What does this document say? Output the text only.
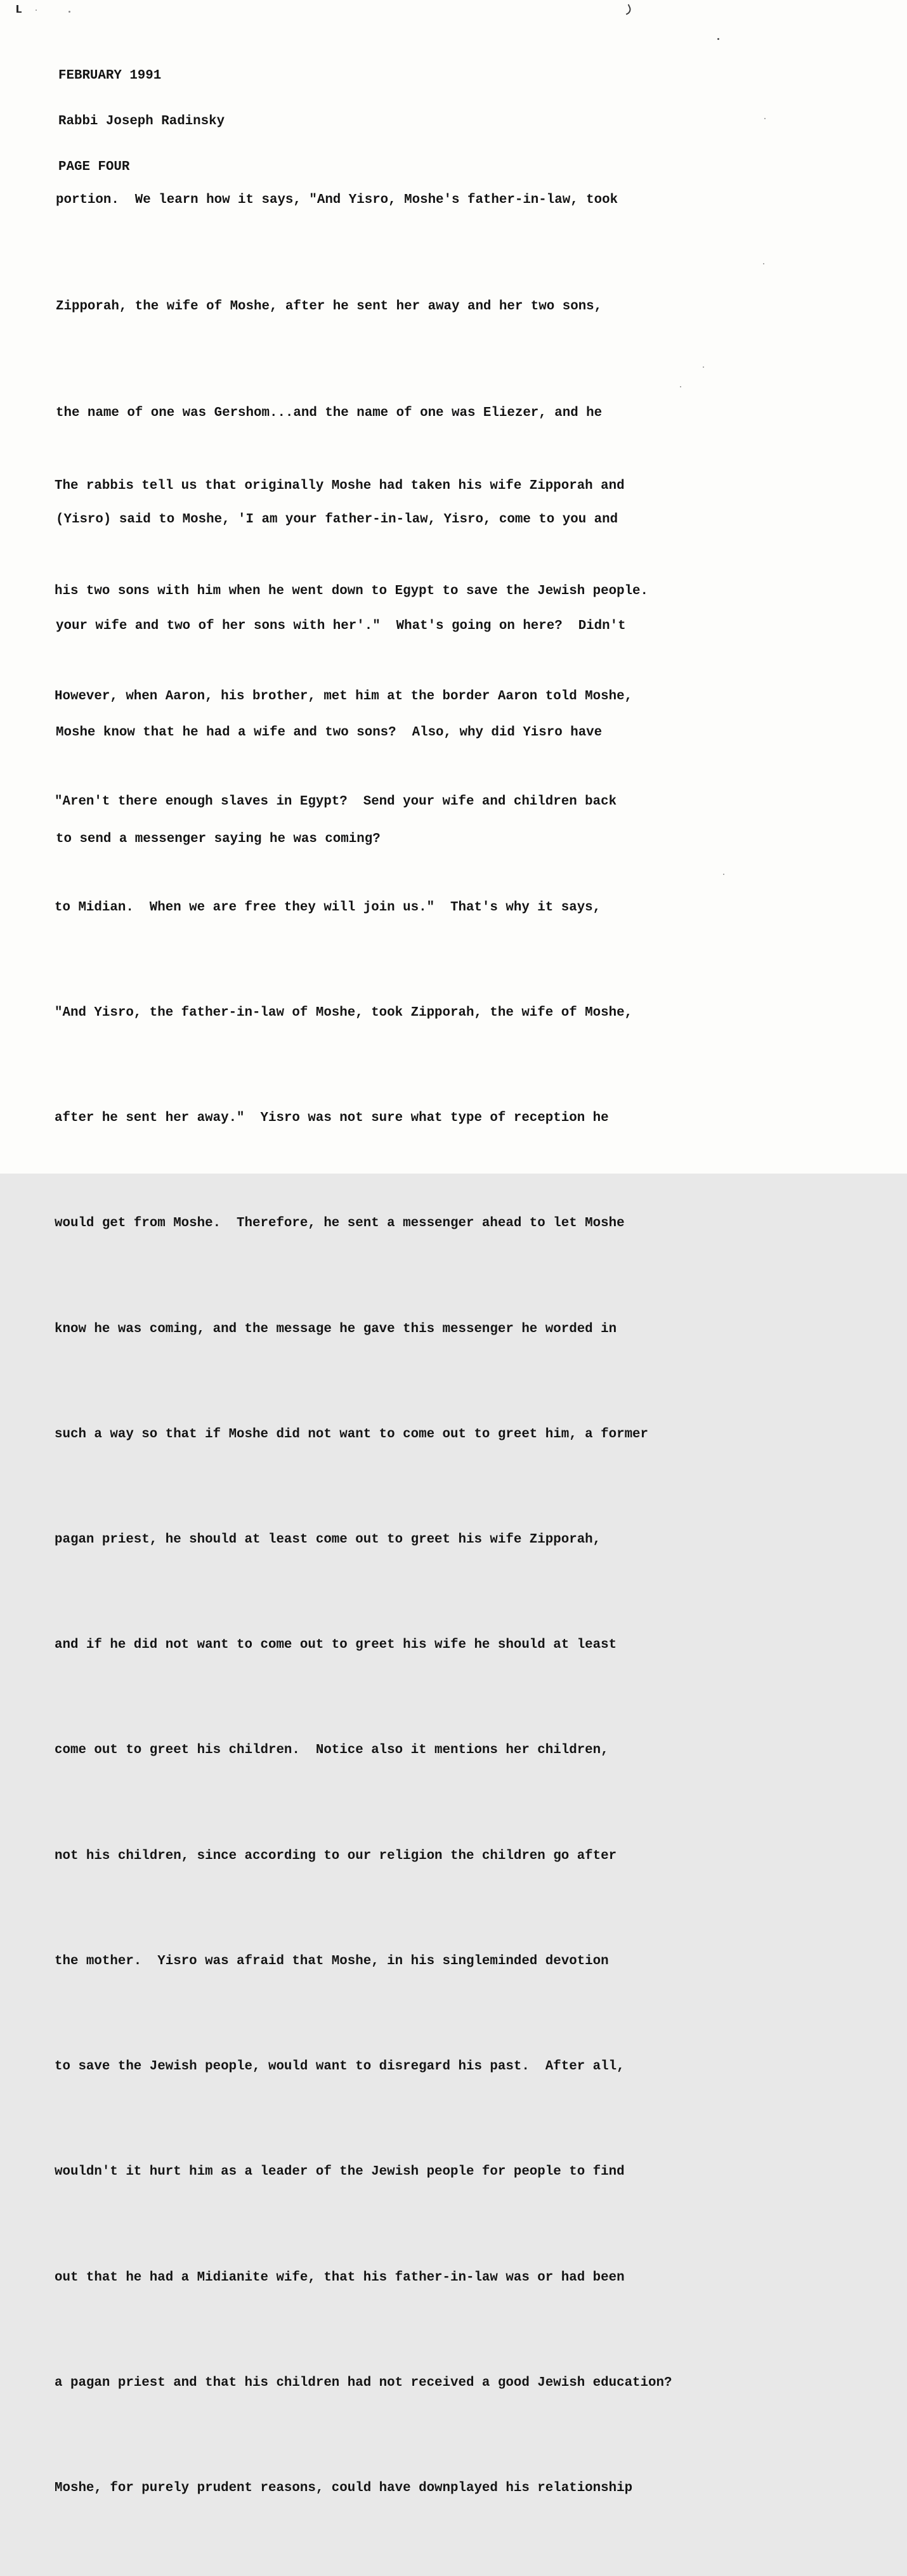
FEBRUARY 1991

Rabbi Joseph Radinsky

PAGE FOUR

portion.  We learn how it says, "And Yisro, Moshe's father-in-law, took

Zipporah, the wife of Moshe, after he sent her away and her two sons,

the name of one was Gershom...and the name of one was Eliezer, and he

(Yisro) said to Moshe, 'I am your father-in-law, Yisro, come to you and

your wife and two of her sons with her'."  What's going on here?  Didn't

Moshe know that he had a wife and two sons?  Also, why did Yisro have

to send a messenger saying he was coming?

The rabbis tell us that originally Moshe had taken his wife Zipporah and

his two sons with him when he went down to Egypt to save the Jewish people.

However, when Aaron, his brother, met him at the border Aaron told Moshe,

"Aren't there enough slaves in Egypt?  Send your wife and children back

to Midian.  When we are free they will join us."  That's why it says,

"And Yisro, the father-in-law of Moshe, took Zipporah, the wife of Moshe,

after he sent her away."  Yisro was not sure what type of reception he

would get from Moshe.  Therefore, he sent a messenger ahead to let Moshe

know he was coming, and the message he gave this messenger he worded in

such a way so that if Moshe did not want to come out to greet him, a former

pagan priest, he should at least come out to greet his wife Zipporah,

and if he did not want to come out to greet his wife he should at least

come out to greet his children.  Notice also it mentions her children,

not his children, since according to our religion the children go after

the mother.  Yisro was afraid that Moshe, in his singleminded devotion

to save the Jewish people, would want to disregard his past.  After all,

wouldn't it hurt him as a leader of the Jewish people for people to find

out that he had a Midianite wife, that his father-in-law was or had been

a pagan priest and that his children had not received a good Jewish education?

Moshe, for purely prudent reasons, could have downplayed his relationship
